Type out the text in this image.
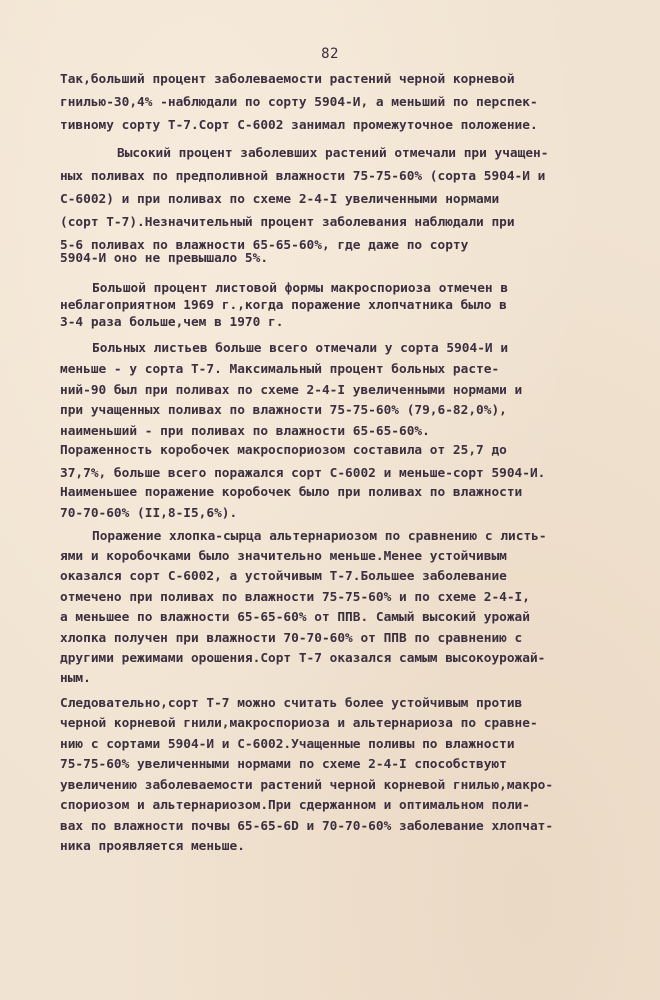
82
Так,больший процент заболеваемости растений черной корневой
гнилью-30,4% -наблюдали по сорту 5904-И, а меньший по перспек-
тивному сорту Т-7.Сорт С-6002 занимал промежуточное положение.
Высокий процент заболевших растений отмечали при учащен-
ных поливах по предполивной влажности 75-75-60% (сорта 5904-И и
С-6002) и при поливах по схеме 2-4-I увеличенными нормами
(сорт Т-7).Незначительный процент заболевания наблюдали при
5-6 поливах по влажности 65-65-60%, где даже по сорту
5904-И оно не превышало 5%.
Большой процент листовой формы макроспориоза отмечен в
неблагоприятном 1969 г.,когда поражение хлопчатника было в
3-4 раза больше,чем в 1970 г.
Больных листьев больше всего отмечали у сорта 5904-И и
меньше - у сорта Т-7. Максимальный процент больных расте-
ний-90 был при поливах по схеме 2-4-I увеличенными нормами и
при учащенных поливах по влажности 75-75-60% (79,6-82,0%),
наименьший - при поливах по влажности 65-65-60%.
Пораженность коробочек макроспориозом составила от 25,7 до
37,7%, больше всего поражался сорт С-6002 и меньше-сорт 5904-И.
Наименьшее поражение коробочек было при поливах по влажности
70-70-60% (II,8-I5,6%).
Поражение хлопка-сырца альтернариозом по сравнению с листь-
ями и коробочками было значительно меньше.Менее устойчивым
оказался сорт С-6002, а устойчивым Т-7.Большее заболевание
отмечено при поливах по влажности 75-75-60% и по схеме 2-4-I,
а меньшее по влажности 65-65-60% от ППВ. Самый высокий урожай
хлопка получен при влажности 70-70-60% от ППВ по сравнению с
другими режимами орошения.Сорт Т-7 оказался самым высокоурожай-
ным.
Следовательно,сорт Т-7 можно считать более устойчивым против
черной корневой гнили,макроспориоза и альтернариоза по сравне-
нию с сортами 5904-И и С-6002.Учащенные поливы по влажности
75-75-60% увеличенными нормами по схеме 2-4-I способствуют
увеличению заболеваемости растений черной корневой гнилью,макро-
спориозом и альтернариозом.При сдержанном и оптимальном поли-
вах по влажности почвы 65-65-6D и 70-70-60% заболевание хлопчат-
ника проявляется меньше.
